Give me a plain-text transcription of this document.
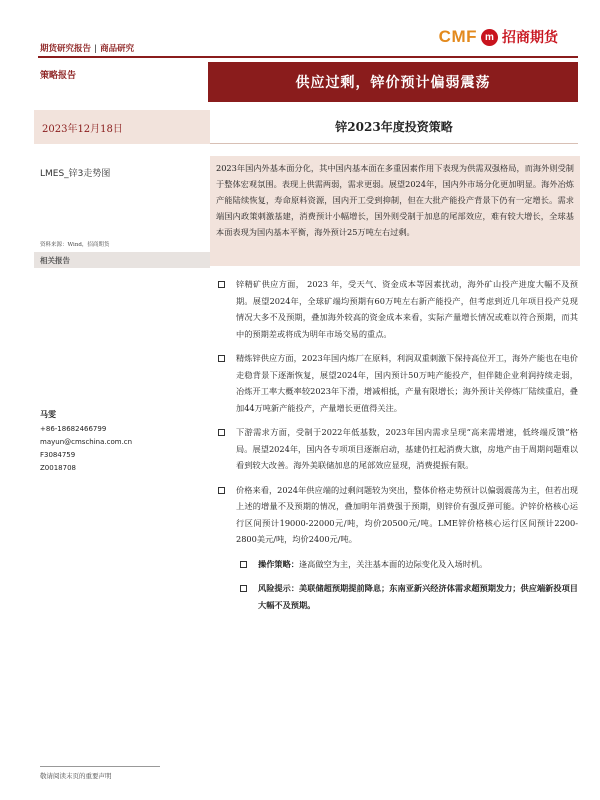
期货研究报告 | 商品研究
CMF m 招商期货
策略报告	供应过剩，锌价预计偏弱震荡
2023年12月18日	锌2023年度投资策略
LMES_锌3走势图
资料来源：Wind，招商期货
相关报告
马雯
+86-18682466799
mayun@cmschina.com.cn
F3084759
Z0018708
2023年国内外基本面分化，其中国内基本面在多重因素作用下表现为供需双强格局，而海外则受制于整体宏观氛围。表现上供需两弱，需求更弱。展望2024年，国内外市场分化更加明显。海外冶炼产能陆续恢复，寿命原料资源，国内开工受到抑制，但在大批产能投产背景下仍有一定增长。需求端国内政策刺激基建，消费预计小幅增长，国外则受制于加息的尾部效应，难有较大增长，全球基本面表现为国内基本平衡，海外预计25万吨左右过剩。
锌精矿供应方面， 2023 年，受天气、资金成本等因素扰动，海外矿山投产进度大幅不及预期。展望2024年，全球矿端均预期有60万吨左右新产能投产，但考虑到近几年项目投产兑现情况大多不及预期，叠加海外较高的资金成本来看，实际产量增长情况或难以符合预期，而其中的预期差或将成为明年市场交易的重点。
精炼锌供应方面，2023年国内炼厂在原料，利润双重刺激下保持高位开工，海外产能也在电价走稳背景下逐渐恢复，展望2024年，国内预计50万吨产能投产，但伴随企业利润持续走弱，冶炼开工率大概率较2023年下滑，增减相抵，产量有限增长；海外预计关停炼厂陆续重启，叠加44万吨新产能投产，产量增长更值得关注。
下游需求方面，受制于2022年低基数，2023年国内需求呈现“高来需增速，低终端反馈”格局。展望2024年，国内各专项项目逐渐启动，基建仍扛起消费大旗，房地产由于周期问题难以看到较大改善。海外美联储加息的尾部效应显现，消费提振有限。
价格来看，2024年供应端的过剩问题较为突出，整体价格走势预计以偏弱震荡为主，但若出现上述的增量不及预期的情况，叠加明年消费强于预期，则锌价有强反弹可能。沪锌价格核心运行区间预计19000-22000元/吨，均价20500元/吨。LME锌价格核心运行区间预计2200-2800美元/吨，均价2400元/吨。
操作策略：逢高做空为主，关注基本面的边际变化及入场时机。
风险提示：美联储超预期提前降息；东南亚新兴经济体需求超预期发力；供应端新投项目大幅不及预期。
敬请阅读末页的重要声明
